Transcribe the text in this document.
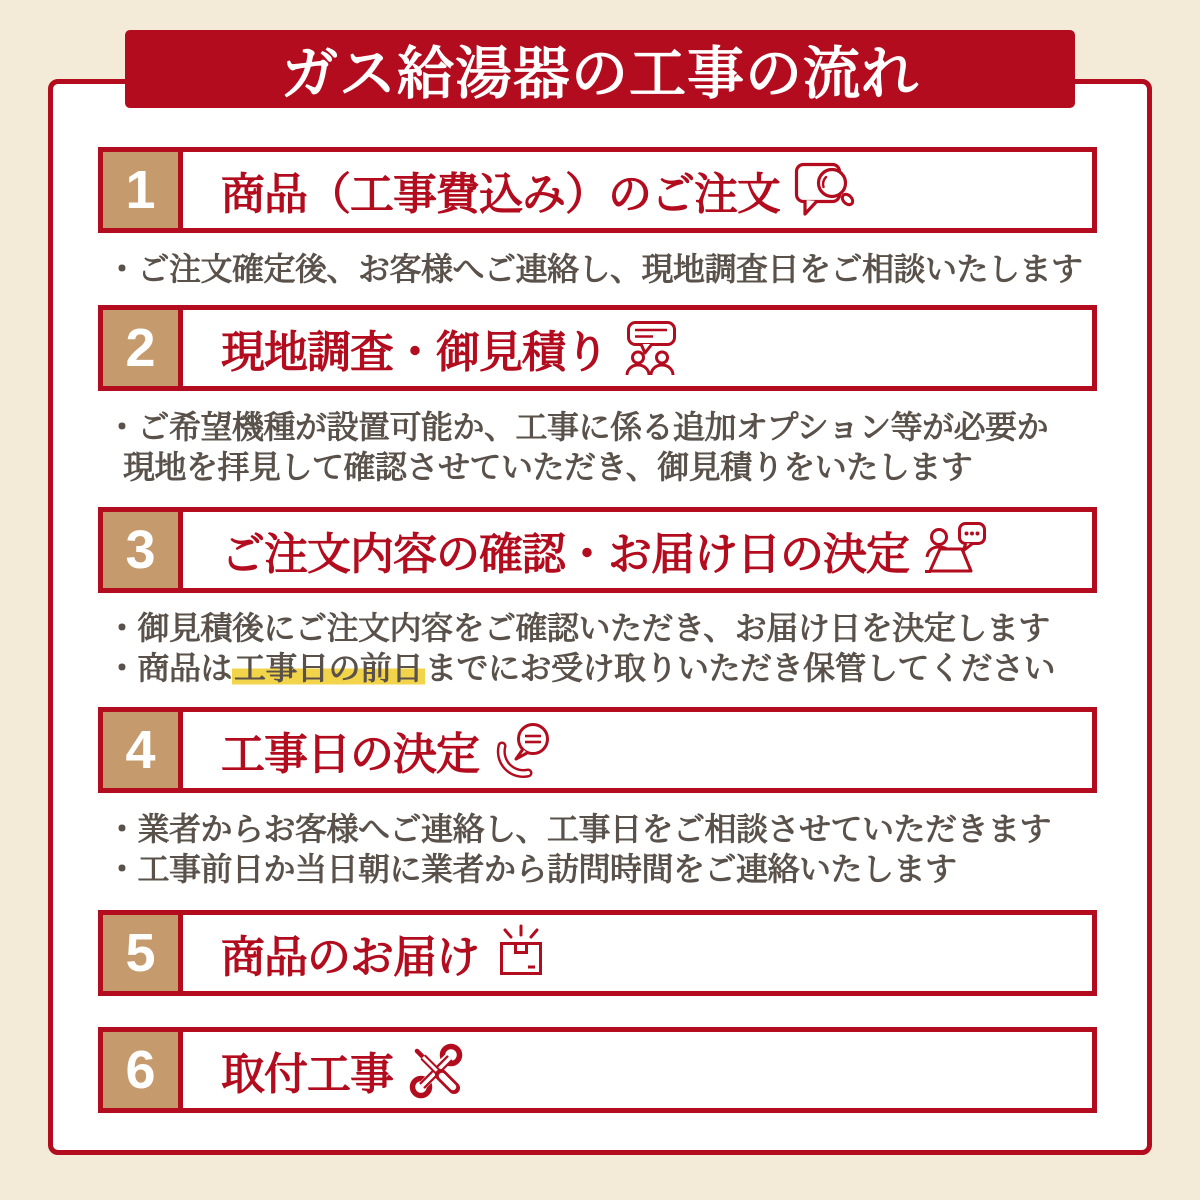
ガス給湯器の工事の流れ
1	商品（工事費込み）のご注文
・ご注文確定後、お客様へご連絡し、現地調査日をご相談いたします
2	現地調査・御見積り
・ご希望機種が設置可能か、工事に係る追加オプション等が必要か
現地を拝見して確認させていただき、御見積りをいたします
3	ご注文内容の確認・お届け日の決定
・御見積後にご注文内容をご確認いただき、お届け日を決定します
・商品は工事日の前日までにお受け取りいただき保管してください
4	工事日の決定
・業者からお客様へご連絡し、工事日をご相談させていただきます
・工事前日か当日朝に業者から訪問時間をご連絡いたします
5	商品のお届け
6	取付工事
